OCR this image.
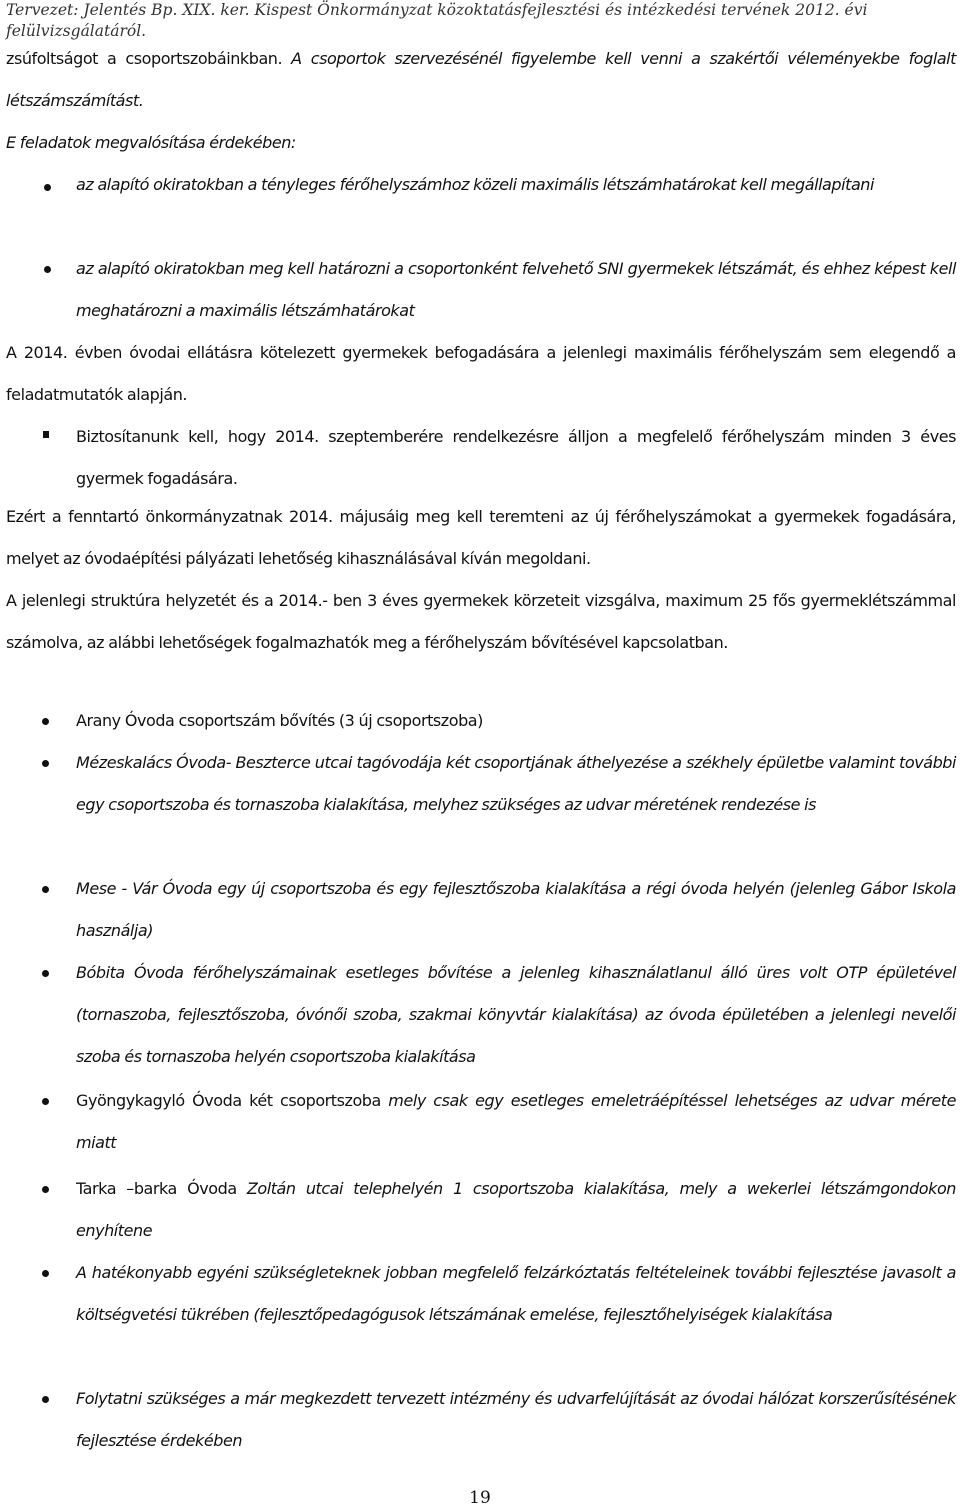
Tervezet: Jelentés Bp. XIX. ker. Kispest Önkormányzat közoktatásfejlesztési és intézkedési tervének 2012. évi felülvizsgálatáról.
zsúfoltságot a csoportszobáinkban. A csoportok szervezésénél figyelembe kell venni a szakértői véleményekbe foglalt létszámszámítást.
E feladatok megvalósítása érdekében:
az alapító okiratokban a tényleges férőhelyszámhoz közeli maximális létszámhatárokat kell megállapítani
az alapító okiratokban meg kell határozni a csoportonként felvehető SNI gyermekek létszámát, és ehhez képest kell meghatározni a maximális létszámhatárokat
A 2014. évben óvodai ellátásra kötelezett gyermekek befogadására a jelenlegi maximális férőhelyszám sem elegendő a feladatmutatók alapján.
Biztosítanunk kell, hogy 2014. szeptemberére rendelkezésre álljon a megfelelő férőhelyszám minden 3 éves gyermek fogadására.
Ezért a fenntartó önkormányzatnak 2014. májusáig meg kell teremteni az új férőhelyszámokat a gyermekek fogadására, melyet az óvodaépítési pályázati lehetőség kihasználásával kíván megoldani.
A jelenlegi struktúra helyzetét és a 2014.- ben 3 éves gyermekek körzeteit vizsgálva, maximum 25 fős gyermeklétszámmal számolva, az alábbi lehetőségek fogalmazhatók meg a férőhelyszám bővítésével kapcsolatban.
Arany Óvoda csoportszám bővítés (3 új csoportszoba)
Mézeskalács Óvoda- Beszterce utcai tagóvodája két csoportjának áthelyezése a székhely épületbe valamint további egy csoportszoba és tornaszoba kialakítása, melyhez szükséges az udvar méretének rendezése is
Mese - Vár Óvoda egy új csoportszoba és egy fejlesztőszoba kialakítása a régi óvoda helyén (jelenleg Gábor Iskola használja)
Bóbita Óvoda férőhelyszámainak esetleges bővítése a jelenleg kihasználatlanul álló üres volt OTP épületével (tornaszoba, fejlesztőszoba, óvónői szoba, szakmai könyvtár kialakítása) az óvoda épületében a jelenlegi nevelői szoba és tornaszoba helyén csoportszoba kialakítása
Gyöngykagyló Óvoda két csoportszoba mely csak egy esetleges emeletráépítéssel lehetséges az udvar mérete miatt
Tarka –barka Óvoda Zoltán utcai telephelyén 1 csoportszoba kialakítása, mely a wekerlei létszámgondokon enyhítene
A hatékonyabb egyéni szükségleteknek jobban megfelelő felzárkóztatás feltételeinek további fejlesztése javasolt a költségvetési tükrében (fejlesztőpedagógusok létszámának emelése, fejlesztőhelyiségek kialakítása
Folytatni szükséges a már megkezdett tervezett intézmény és udvarfelújítását az óvodai hálózat korszerűsítésének fejlesztése érdekében
19
